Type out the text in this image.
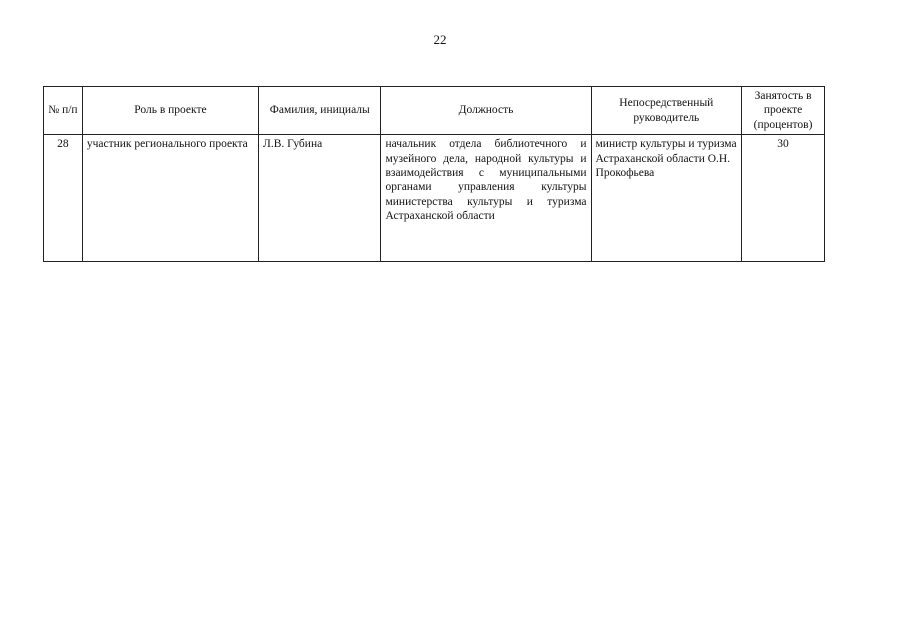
22
№ п/п	Роль в проекте	Фамилия, инициалы	Должность	Непосредственный руководитель	Занятость в проекте (процентов)
28	участник регионального проекта	Л.В. Губина	начальник отдела библиотечного и музейного дела, народной культуры и взаимодействия с муниципальными органами управления культуры министерства культуры и туризма Астраханской области	министр культуры и туризма Астраханской области О.Н. Прокофьева	30
